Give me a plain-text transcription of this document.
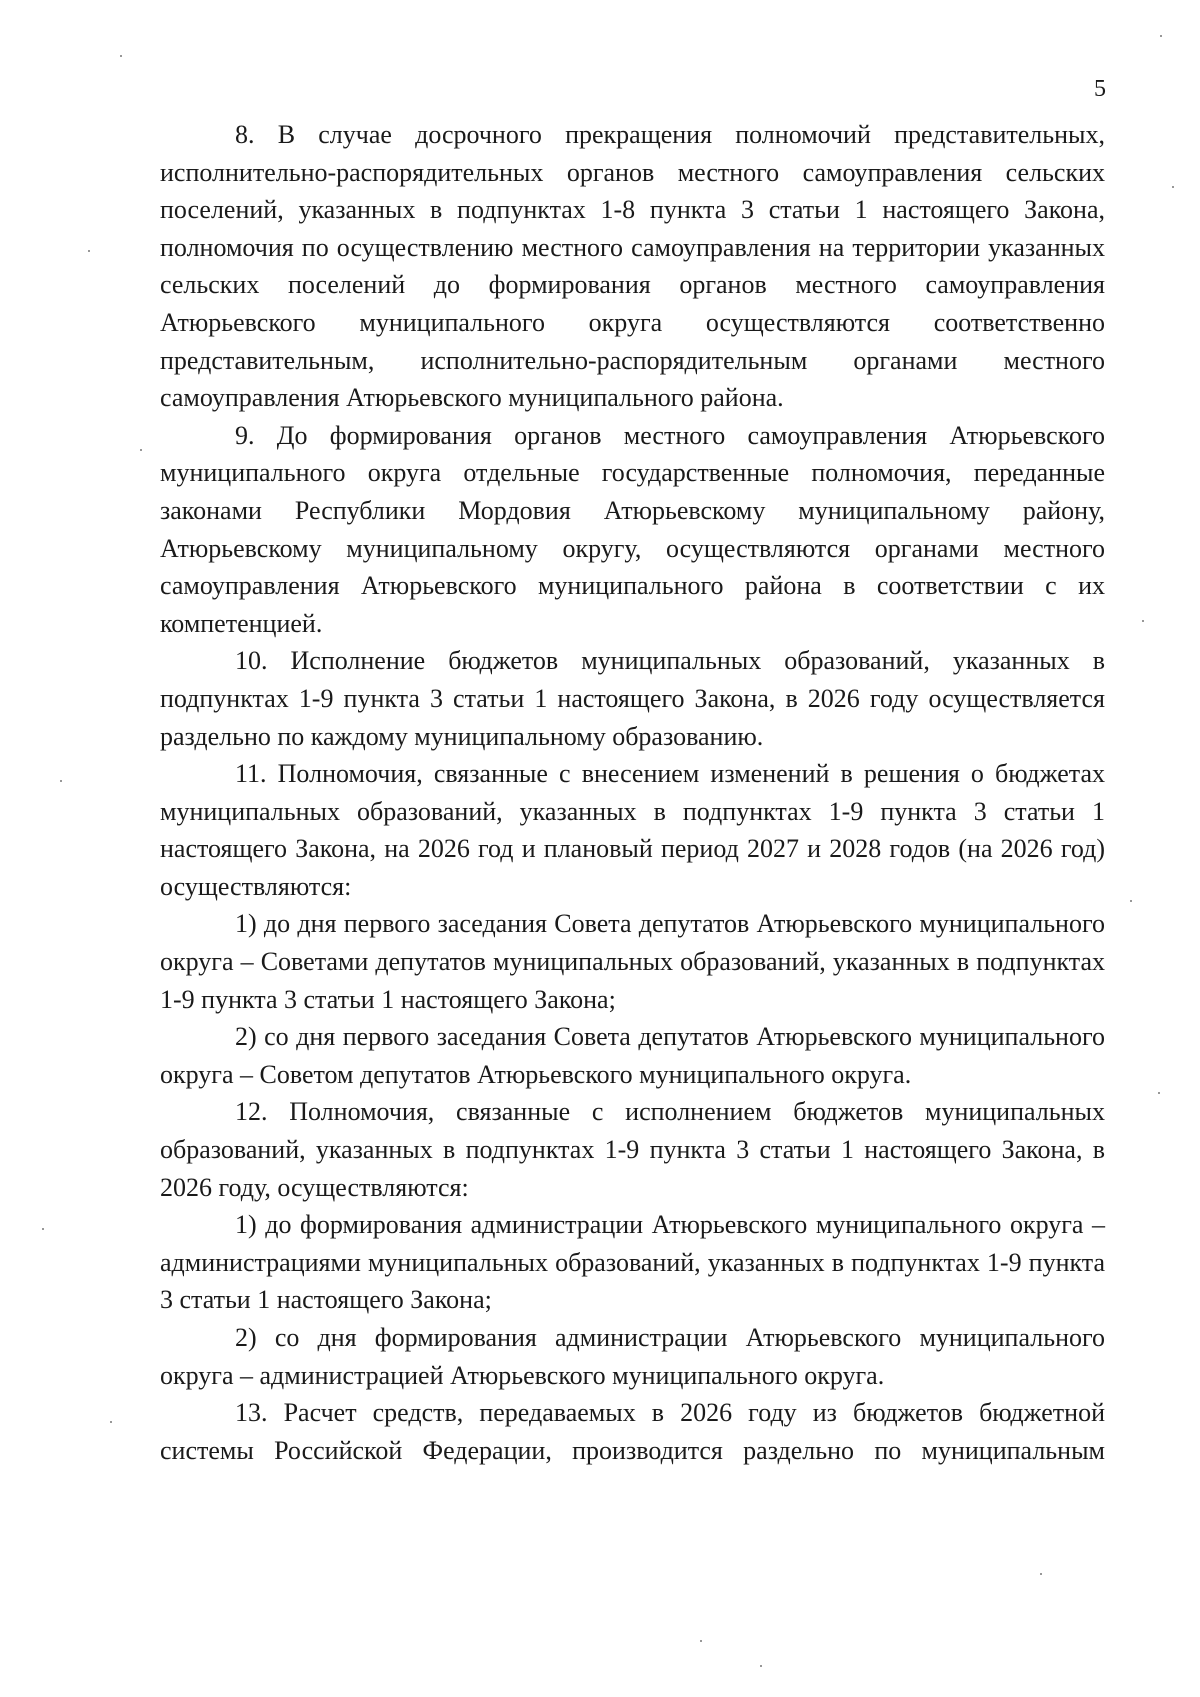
5

8. В случае досрочного прекращения полномочий представительных, исполнительно-распорядительных органов местного самоуправления сельских поселений, указанных в подпунктах 1-8 пункта 3 статьи 1 настоящего Закона, полномочия по осуществлению местного самоуправления на территории указанных сельских поселений до формирования органов местного самоуправления Атюрьевского муниципального округа осуществляются соответственно представительным, исполнительно-распорядительным органами местного самоуправления Атюрьевского муниципального района.

9. До формирования органов местного самоуправления Атюрьевского муниципального округа отдельные государственные полномочия, переданные законами Республики Мордовия Атюрьевскому муниципальному району, Атюрьевскому муниципальному округу, осуществляются органами местного самоуправления Атюрьевского муниципального района в соответствии с их компетенцией.

10. Исполнение бюджетов муниципальных образований, указанных в подпунктах 1-9 пункта 3 статьи 1 настоящего Закона, в 2026 году осуществляется раздельно по каждому муниципальному образованию.

11. Полномочия, связанные с внесением изменений в решения о бюджетах муниципальных образований, указанных в подпунктах 1-9 пункта 3 статьи 1 настоящего Закона, на 2026 год и плановый период 2027 и 2028 годов (на 2026 год) осуществляются:

1) до дня первого заседания Совета депутатов Атюрьевского муниципального округа – Советами депутатов муниципальных образований, указанных в подпунктах 1-9 пункта 3 статьи 1 настоящего Закона;

2) со дня первого заседания Совета депутатов Атюрьевского муниципального округа – Советом депутатов Атюрьевского муниципального округа.

12. Полномочия, связанные с исполнением бюджетов муниципальных образований, указанных в подпунктах 1-9 пункта 3 статьи 1 настоящего Закона, в 2026 году, осуществляются:

1) до формирования администрации Атюрьевского муниципального округа – администрациями муниципальных образований, указанных в подпунктах 1-9 пункта 3 статьи 1 настоящего Закона;

2) со дня формирования администрации Атюрьевского муниципального округа – администрацией Атюрьевского муниципального округа.

13. Расчет средств, передаваемых в 2026 году из бюджетов бюджетной системы Российской Федерации, производится раздельно по муниципальным
